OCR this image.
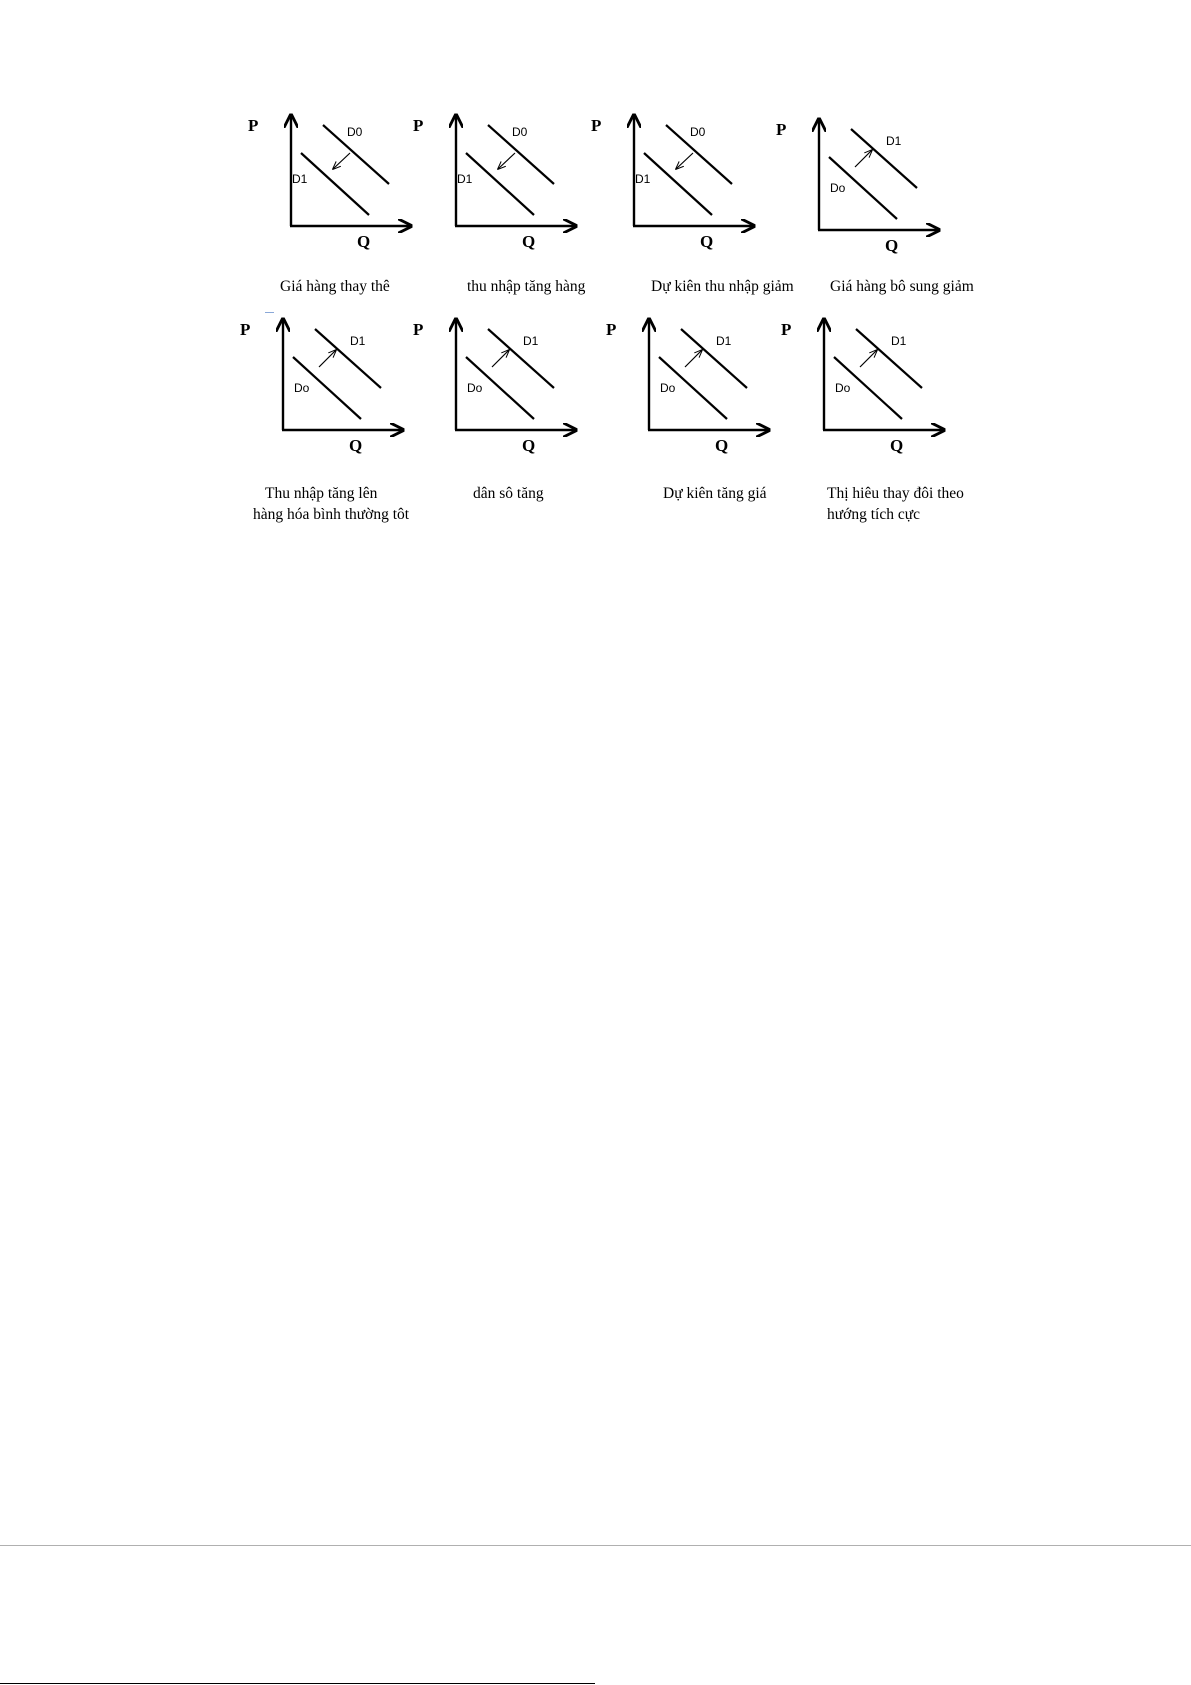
P
Q
D0
D1
Giá hàng thay thê
P
Q
D0
D1
thu nhập tăng hàng
P
Q
D0
D1
Dự kiên thu nhập giảm
P
Q
D1
Do
Giá hàng bô sung giảm
P
Q
D1
Do
Thu nhập tăng lên
hàng hóa bình thường tôt
P
Q
D1
Do
dân sô tăng
P
Q
D1
Do
Dự kiên tăng giá
P
Q
D1
Do
Thị hiêu thay đôi theo
hướng tích cực
